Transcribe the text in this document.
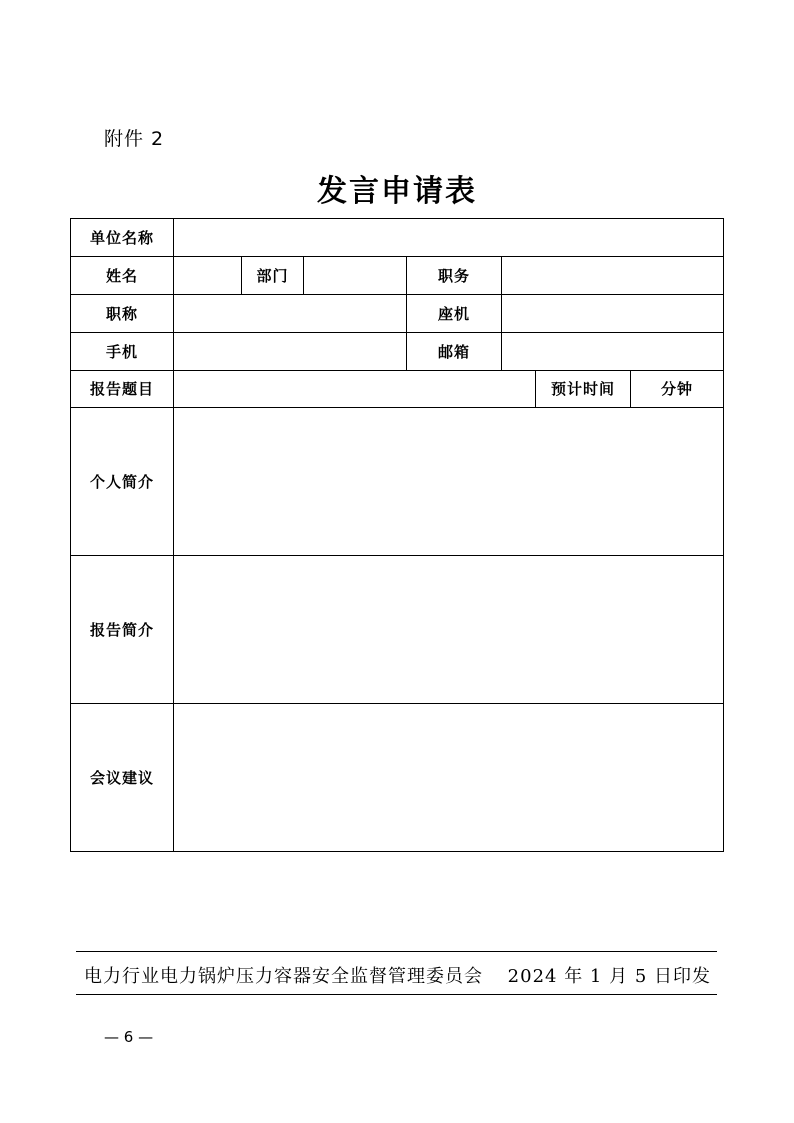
附件 2
发言申请表
单位名称							
姓名		部门		职务			
职称				座机			
手机				邮箱			
报告题目						预计时间	分钟
个人简介							
报告简介							
会议建议							
电力行业电力锅炉压力容器安全监督管理委员会 2024 年 1 月 5 日印发
— 6 —
